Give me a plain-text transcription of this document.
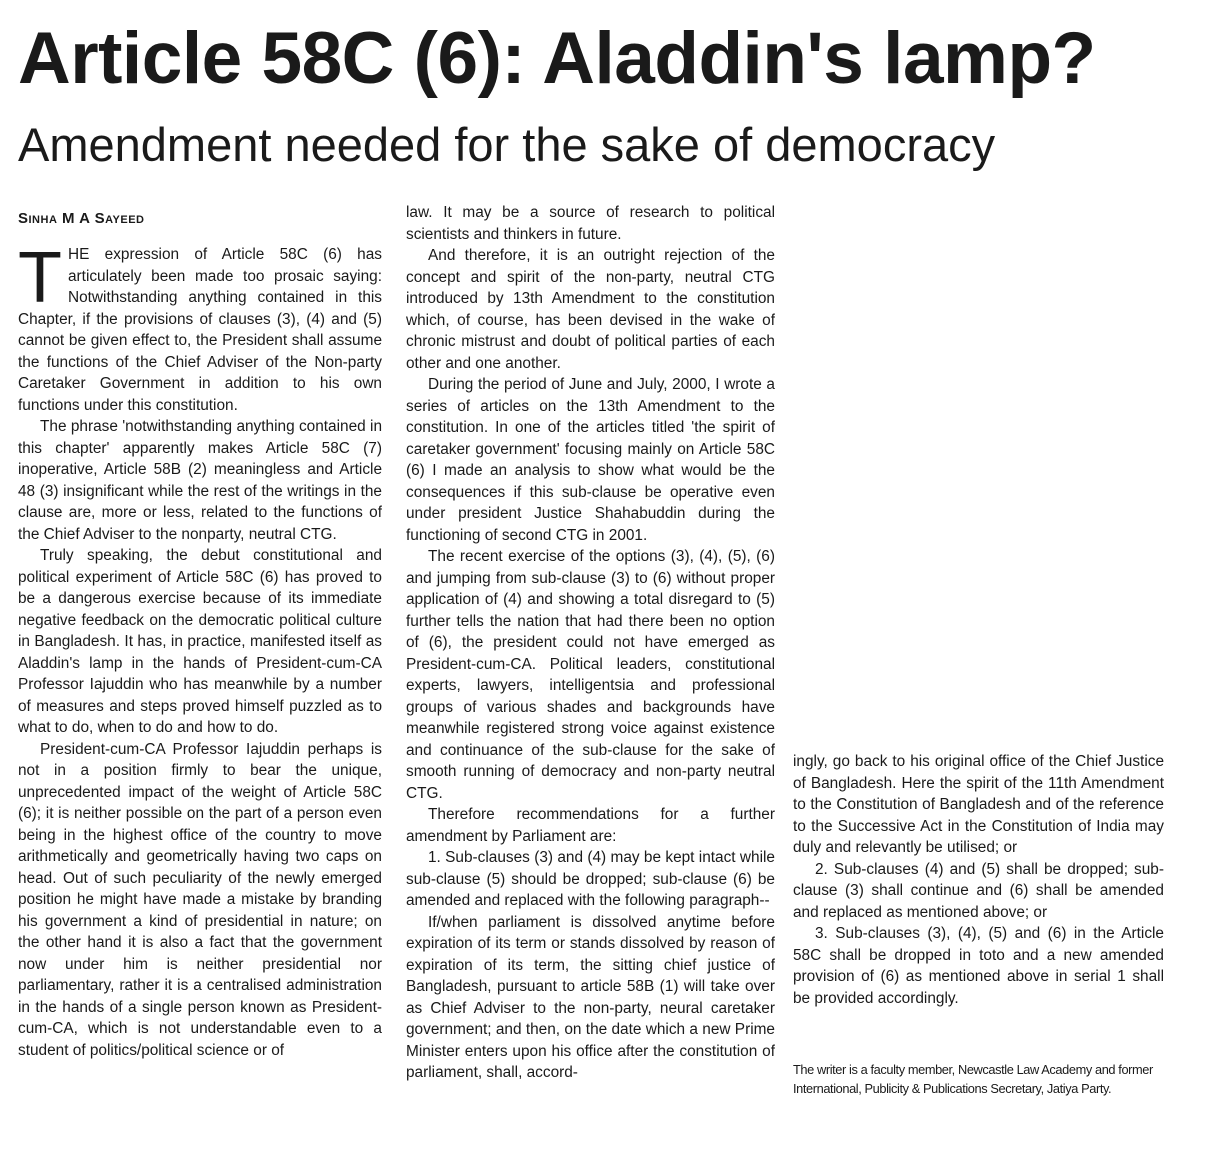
Article 58C (6): Aladdin's lamp?
Amendment needed for the sake of democracy
Sinha M A Sayeed

THE expression of Article 58C (6) has articulately been made too prosaic saying: Notwithstanding anything contained in this Chapter, if the provisions of clauses (3), (4) and (5) cannot be given effect to, the President shall assume the functions of the Chief Adviser of the Non-party Caretaker Government in addition to his own functions under this constitution.

The phrase 'notwithstanding anything contained in this chapter' apparently makes Article 58C (7) inoperative, Article 58B (2) meaningless and Article 48 (3) insignificant while the rest of the writings in the clause are, more or less, related to the functions of the Chief Adviser to the nonparty, neutral CTG.

Truly speaking, the debut constitutional and political experiment of Article 58C (6) has proved to be a dangerous exercise because of its immediate negative feedback on the democratic political culture in Bangladesh. It has, in practice, manifested itself as Aladdin's lamp in the hands of President-cum-CA Professor Iajuddin who has meanwhile by a number of measures and steps proved himself puzzled as to what to do, when to do and how to do.

President-cum-CA Professor Iajuddin perhaps is not in a position firmly to bear the unique, unprecedented impact of the weight of Article 58C (6); it is neither possible on the part of a person even being in the highest office of the country to move arithmetically and geometrically having two caps on head. Out of such peculiarity of the newly emerged position he might have made a mistake by branding his government a kind of presidential in nature; on the other hand it is also a fact that the government now under him is neither presidential nor parliamentary, rather it is a centralised administration in the hands of a single person known as President-cum-CA, which is not understandable even to a student of politics/political science or of

law. It may be a source of research to political scientists and thinkers in future.

And therefore, it is an outright rejection of the concept and spirit of the non-party, neutral CTG introduced by 13th Amendment to the constitution which, of course, has been devised in the wake of chronic mistrust and doubt of political parties of each other and one another.

During the period of June and July, 2000, I wrote a series of articles on the 13th Amendment to the constitution. In one of the articles titled 'the spirit of caretaker government' focusing mainly on Article 58C (6) I made an analysis to show what would be the consequences if this sub-clause be operative even under president Justice Shahabuddin during the functioning of second CTG in 2001.

The recent exercise of the options (3), (4), (5), (6) and jumping from sub-clause (3) to (6) without proper application of (4) and showing a total disregard to (5) further tells the nation that had there been no option of (6), the president could not have emerged as President-cum-CA. Political leaders, constitutional experts, lawyers, intelligentsia and professional groups of various shades and backgrounds have meanwhile registered strong voice against existence and continuance of the sub-clause for the sake of smooth running of democracy and non-party neutral CTG.

Therefore recommendations for a further amendment by Parliament are:

1. Sub-clauses (3) and (4) may be kept intact while sub-clause (5) should be dropped; sub-clause (6) be amended and replaced with the following paragraph--

If/when parliament is dissolved anytime before expiration of its term or stands dissolved by reason of expiration of its term, the sitting chief justice of Bangladesh, pursuant to article 58B (1) will take over as Chief Adviser to the non-party, neural caretaker government; and then, on the date which a new Prime Minister enters upon his office after the constitution of parliament, shall, accord-

ingly, go back to his original office of the Chief Justice of Bangladesh. Here the spirit of the 11th Amendment to the Constitution of Bangladesh and of the reference to the Successive Act in the Constitution of India may duly and relevantly be utilised; or

2. Sub-clauses (4) and (5) shall be dropped; sub-clause (3) shall continue and (6) shall be amended and replaced as mentioned above; or

3. Sub-clauses (3), (4), (5) and (6) in the Article 58C shall be dropped in toto and a new amended provision of (6) as mentioned above in serial 1 shall be provided accordingly.

The writer is a faculty member, Newcastle Law Academy and former International, Publicity & Publications Secretary, Jatiya Party.
